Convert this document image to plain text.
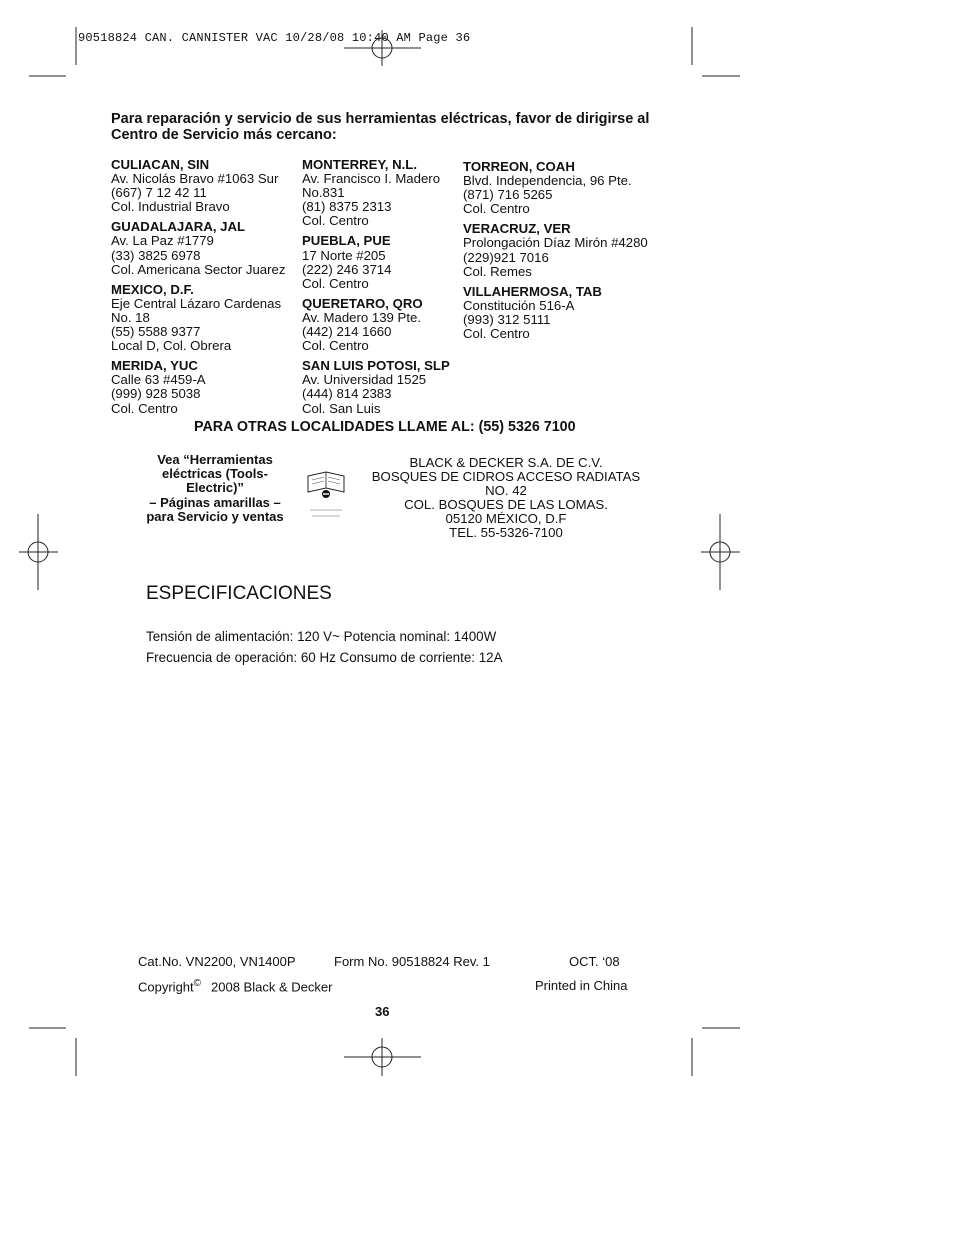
90518824 CAN. CANNISTER VAC 10/28/08 10:40 AM Page 36
Para reparación y servicio de sus herramientas eléctricas, favor de dirigirse al Centro de Servicio más cercano:
CULIACAN, SIN
Av. Nicolás Bravo #1063 Sur
(667) 7 12 42 11
Col. Industrial Bravo
GUADALAJARA, JAL
Av. La Paz #1779
(33) 3825 6978
Col. Americana Sector Juarez
MEXICO, D.F.
Eje Central Lázaro Cardenas
No. 18
(55) 5588 9377
Local D, Col. Obrera
MERIDA, YUC
Calle 63 #459-A
(999) 928 5038
Col. Centro
MONTERREY, N.L.
Av. Francisco I. Madero
No.831
(81) 8375 2313
Col. Centro
PUEBLA, PUE
17 Norte #205
(222) 246 3714
Col. Centro
QUERETARO, QRO
Av. Madero 139 Pte.
(442) 214 1660
Col. Centro
SAN LUIS POTOSI, SLP
Av. Universidad 1525
(444) 814 2383
Col. San Luis
TORREON, COAH
Blvd. Independencia, 96 Pte.
(871) 716 5265
Col. Centro
VERACRUZ, VER
Prolongación Díaz Mirón #4280
(229)921 7016
Col. Remes
VILLAHERMOSA, TAB
Constitución 516-A
(993) 312 5111
Col. Centro
PARA OTRAS LOCALIDADES LLAME AL: (55) 5326 7100
Vea “Herramientas
eléctricas (Tools-
Electric)”
– Páginas amarillas –
para Servicio y ventas
BLACK & DECKER S.A. DE C.V.
BOSQUES DE CIDROS ACCESO RADIATAS
NO. 42
COL. BOSQUES DE LAS LOMAS.
05120 MÉXICO, D.F
TEL. 55-5326-7100
ESPECIFICACIONES
Tensión de alimentación: 120 V~ Potencia nominal: 1400W
Frecuencia de operación: 60 Hz Consumo de corriente: 12A
Cat.No. VN2200, VN1400P	Form No. 90518824 Rev. 1	OCT. ‘08
Copyright© 2008 Black & Decker	Printed in China
36
